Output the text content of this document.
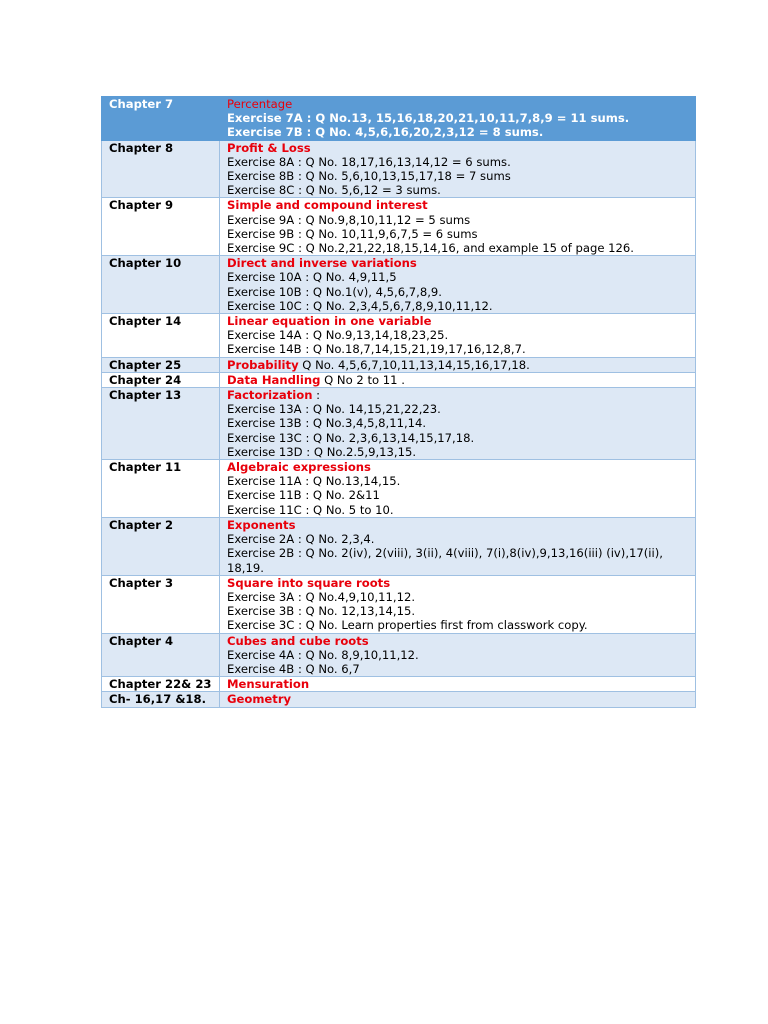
Chapter 7	Percentage
Exercise 7A : Q No.13, 15,16,18,20,21,10,11,7,8,9 = 11 sums.
Exercise 7B : Q No. 4,5,6,16,20,2,3,12 = 8 sums.

Chapter 8	Profit & Loss
Exercise 8A : Q No. 18,17,16,13,14,12 = 6 sums.
Exercise 8B : Q No. 5,6,10,13,15,17,18 = 7 sums
Exercise 8C : Q No. 5,6,12 = 3 sums.

Chapter 9	Simple and compound interest
Exercise 9A : Q No.9,8,10,11,12 = 5 sums
Exercise 9B : Q No. 10,11,9,6,7,5 = 6 sums
Exercise 9C : Q No.2,21,22,18,15,14,16, and example 15 of page 126.

Chapter 10	Direct and inverse variations
Exercise 10A : Q No. 4,9,11,5
Exercise 10B : Q No.1(v), 4,5,6,7,8,9.
Exercise 10C : Q No. 2,3,4,5,6,7,8,9,10,11,12.

Chapter 14	Linear equation in one variable
Exercise 14A : Q No.9,13,14,18,23,25.
Exercise 14B : Q No.18,7,14,15,21,19,17,16,12,8,7.

Chapter 25	Probability Q No. 4,5,6,7,10,11,13,14,15,16,17,18.
Chapter 24	Data Handling Q No 2 to 11 .
Chapter 13	Factorization :
Exercise 13A : Q No. 14,15,21,22,23.
Exercise 13B : Q No.3,4,5,8,11,14.
Exercise 13C : Q No. 2,3,6,13,14,15,17,18.
Exercise 13D : Q No.2.5,9,13,15.

Chapter 11	Algebraic expressions
Exercise 11A : Q No.13,14,15.
Exercise 11B : Q No. 2&11
Exercise 11C : Q No. 5 to 10.

Chapter 2	Exponents
Exercise 2A : Q No. 2,3,4.
Exercise 2B : Q No. 2(iv), 2(viii), 3(ii), 4(viii), 7(i),8(iv),9,13,16(iii) (iv),17(ii), 18,19.

Chapter 3	Square into square roots
Exercise 3A : Q No.4,9,10,11,12.
Exercise 3B : Q No. 12,13,14,15.
Exercise 3C : Q No. Learn properties first from classwork copy.

Chapter 4	Cubes and cube roots
Exercise 4A : Q No. 8,9,10,11,12.
Exercise 4B : Q No. 6,7

Chapter 22& 23	Mensuration
Ch- 16,17 &18.	Geometry
